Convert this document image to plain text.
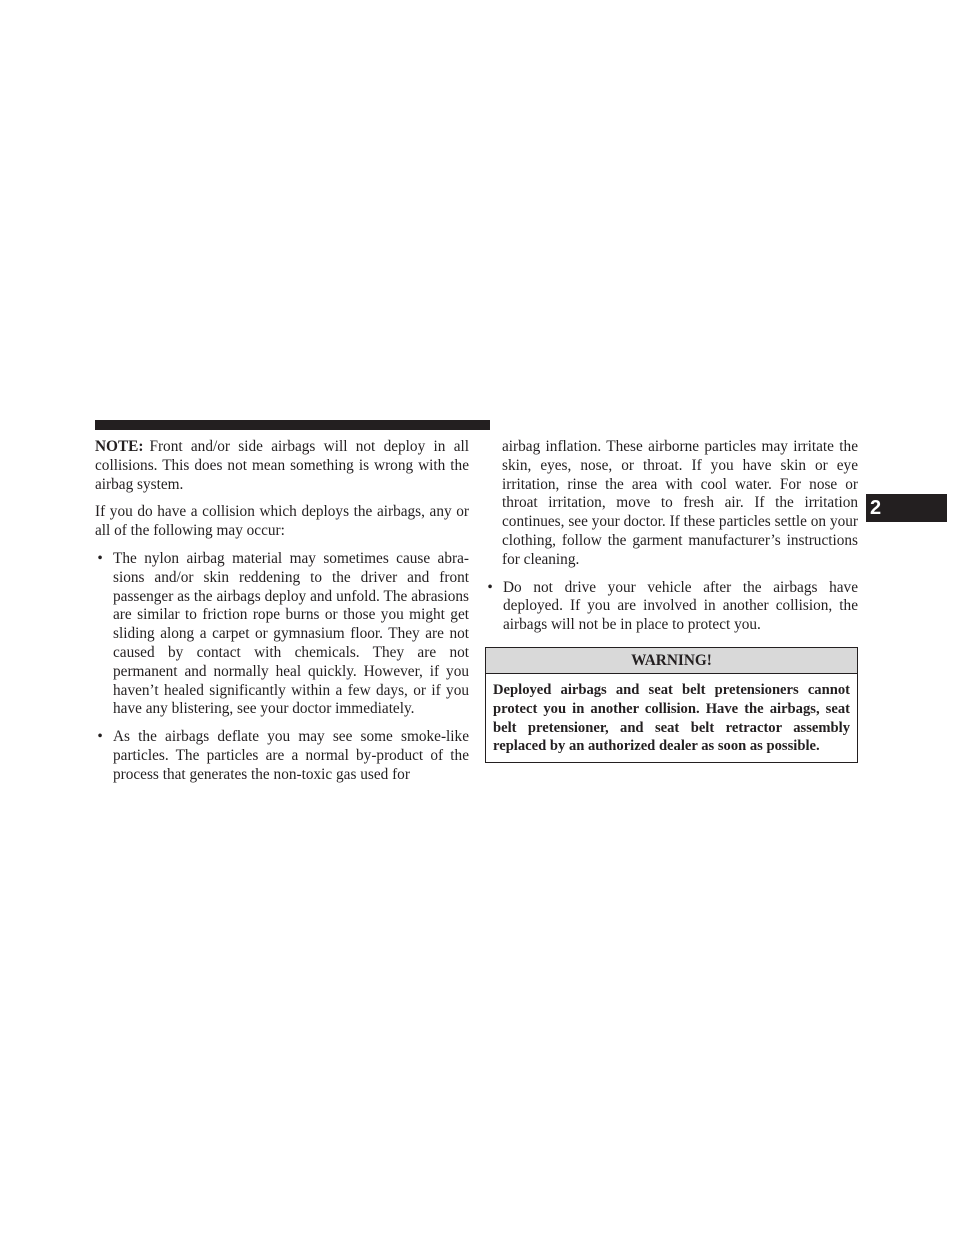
NOTE: Front and/or side airbags will not deploy in all collisions. This does not mean something is wrong with the airbag system.

If you do have a collision which deploys the airbags, any or all of the following may occur:

• The nylon airbag material may sometimes cause abrasions and/or skin reddening to the driver and front passenger as the airbags deploy and unfold. The abrasions are similar to friction rope burns or those you might get sliding along a carpet or gymnasium floor. They are not caused by contact with chemicals. They are not permanent and normally heal quickly. However, if you haven’t healed significantly within a few days, or if you have any blistering, see your doctor immediately.
• As the airbags deflate you may see some smoke-like particles. The particles are a normal by-product of the process that generates the non-toxic gas used for

airbag inflation. These airborne particles may irritate the skin, eyes, nose, or throat. If you have skin or eye irritation, rinse the area with cool water. For nose or throat irritation, move to fresh air. If the irritation continues, see your doctor. If these particles settle on your clothing, follow the garment manufacturer’s instructions for cleaning.

• Do not drive your vehicle after the airbags have deployed. If you are involved in another collision, the airbags will not be in place to protect you.
WARNING!
Deployed airbags and seat belt pretensioners cannot protect you in another collision. Have the airbags, seat belt pretensioner, and seat belt retractor assembly replaced by an authorized dealer as soon as possible.
2
